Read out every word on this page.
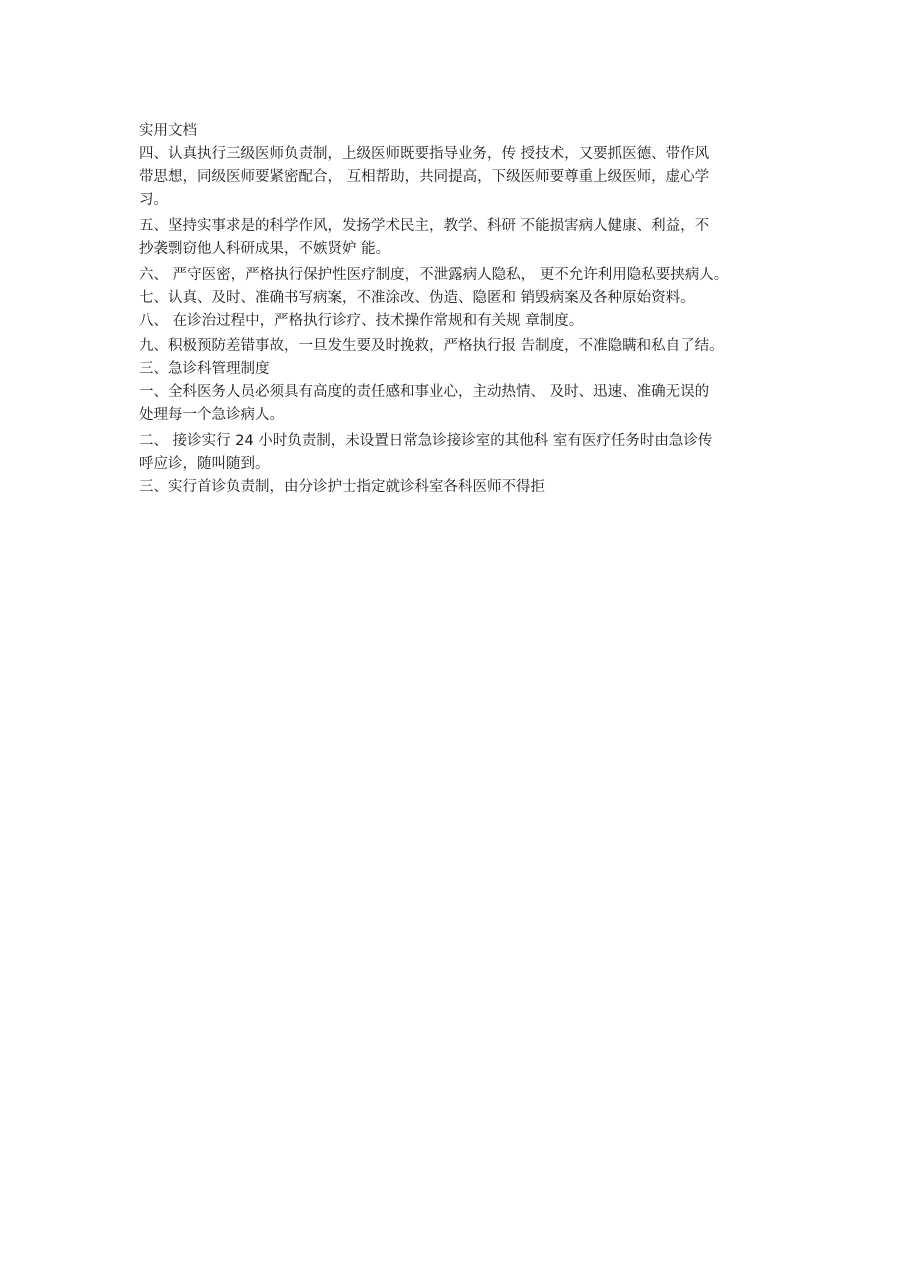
实用文档
四、认真执行三级医师负责制，上级医师既要指导业务，传 授技术，又要抓医德、带作风
带思想，同级医师要紧密配合， 互相帮助，共同提高，下级医师要尊重上级医师，虚心学
习。
五、坚持实事求是的科学作风，发扬学术民主，教学、科研 不能损害病人健康、利益，不
抄袭剽窃他人科研成果，不嫉贤妒 能。
六、 严守医密，严格执行保护性医疗制度，不泄露病人隐私， 更不允许利用隐私要挟病人。
七、认真、及时、准确书写病案，不准涂改、伪造、隐匿和 销毁病案及各种原始资料。
八、 在诊治过程中，严格执行诊疗、技术操作常规和有关规 章制度。
九、积极预防差错事故，一旦发生要及时挽救，严格执行报 告制度，不准隐瞒和私自了结。
三、急诊科管理制度
一、全科医务人员必须具有高度的责任感和事业心，主动热情、 及时、迅速、准确无误的
处理每一个急诊病人。
二、 接诊实行 24 小时负责制，未设置日常急诊接诊室的其他科 室有医疗任务时由急诊传
呼应诊，随叫随到。
三、实行首诊负责制，由分诊护士指定就诊科室各科医师不得拒
